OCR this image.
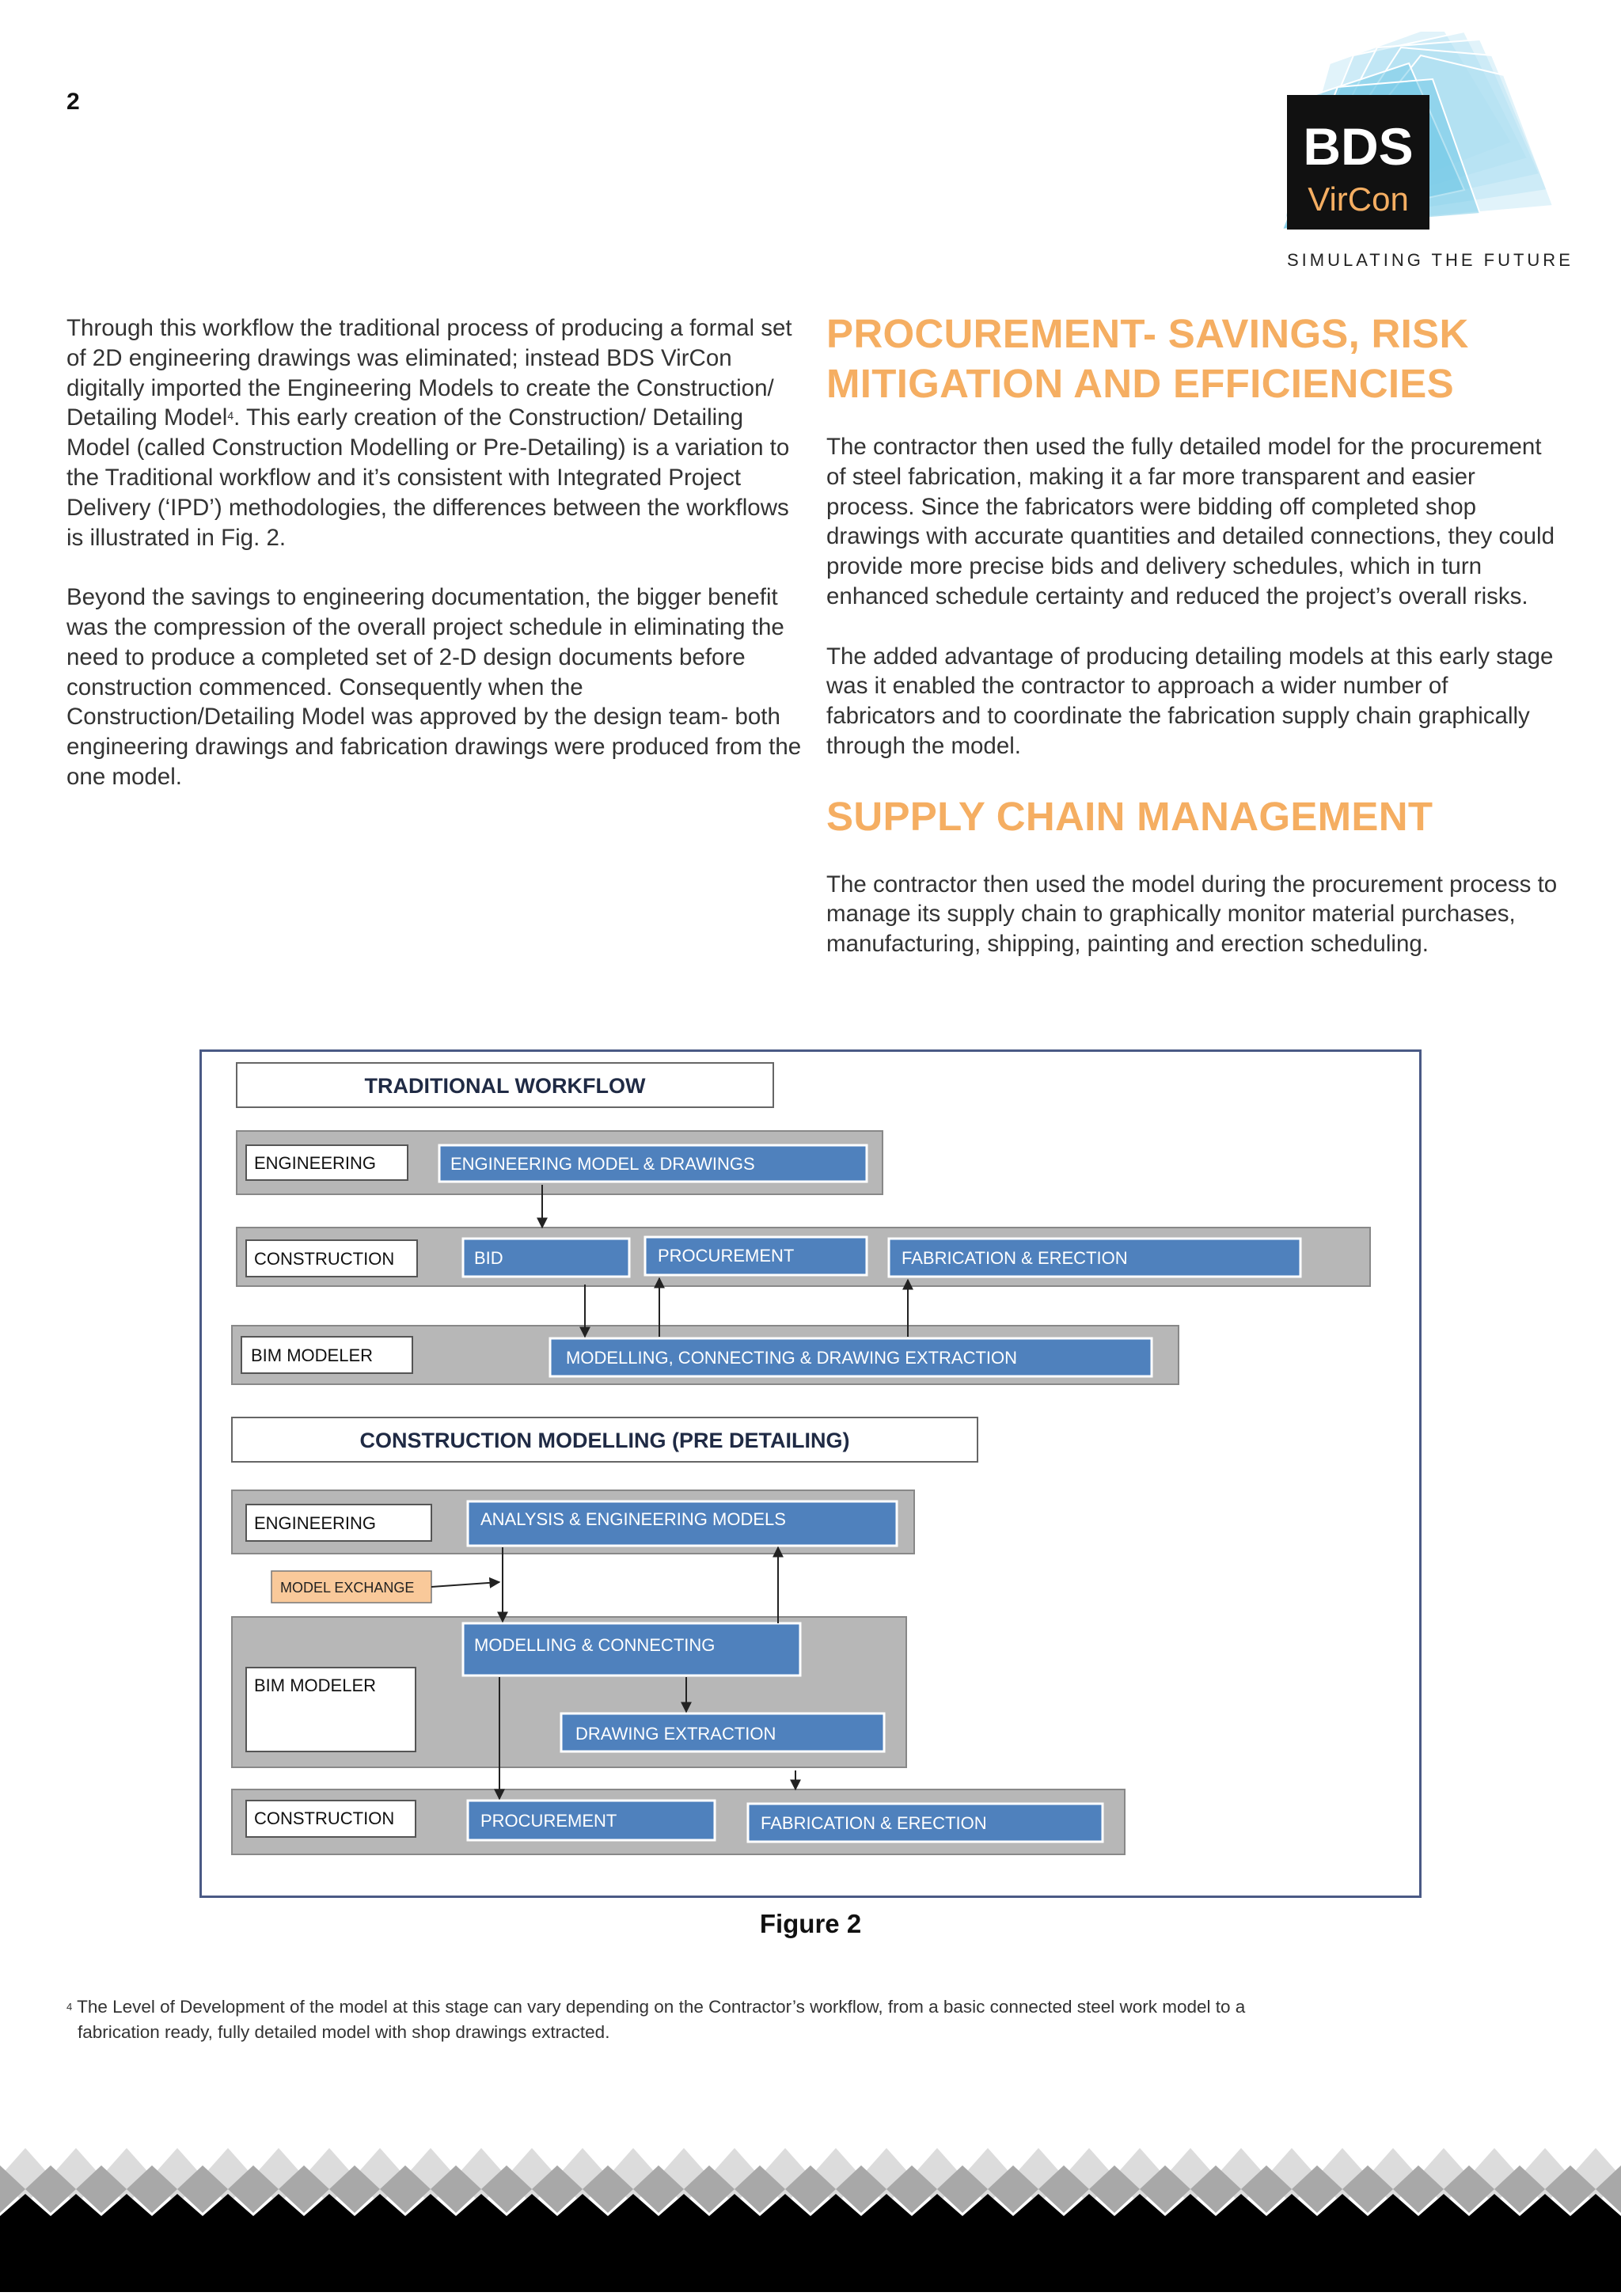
2
BDS
VirCon
SIMULATING THE FUTURE

Through this workflow the traditional process of producing a formal set of 2D engineering drawings was eliminated; instead BDS VirCon digitally imported the Engineering Models to create the Construction/ Detailing Model$^4$. This early creation of the Construction/ Detailing Model (called Construction Modelling or Pre-Detailing) is a variation to the Traditional workflow and it’s consistent with Integrated Project Delivery (‘IPD’) methodologies, the differences between the workflows is illustrated in Fig. 2.

Beyond the savings to engineering documentation, the bigger benefit was the compression of the overall project schedule in eliminating the need to produce a completed set of 2-D design documents before construction commenced. Consequently when the Construction/Detailing Model was approved by the design team- both engineering drawings and fabrication drawings were produced from the one model.

PROCUREMENT- SAVINGS, RISK
MITIGATION AND EFFICIENCIES

The contractor then used the fully detailed model for the procurement of steel fabrication, making it a far more transparent and easier process. Since the fabricators were bidding off completed shop drawings with accurate quantities and detailed connections, they could provide more precise bids and delivery schedules, which in turn enhanced schedule certainty and reduced the project’s overall risks.

The added advantage of producing detailing models at this early stage was it enabled the contractor to approach a wider number of fabricators and to coordinate the fabrication supply chain graphically through the model.

SUPPLY CHAIN MANAGEMENT

The contractor then used the model during the procurement process to manage its supply chain to graphically monitor material purchases, manufacturing, shipping, painting and erection scheduling.

TRADITIONAL WORKFLOW
ENGINEERING	ENGINEERING MODEL & DRAWINGS
CONSTRUCTION	BID	PROCUREMENT	FABRICATION & ERECTION
BIM MODELER	MODELLING, CONNECTING & DRAWING EXTRACTION
CONSTRUCTION MODELLING (PRE DETAILING)
ENGINEERING	ANALYSIS & ENGINEERING MODELS
MODEL EXCHANGE
BIM MODELER
MODELLING & CONNECTING
DRAWING EXTRACTION
CONSTRUCTION	PROCUREMENT	FABRICATION & ERECTION
Figure 2
$^4$ The Level of Development of the model at this stage can vary depending on the Contractor’s workflow, from a basic connected steel work model to a
fabrication ready, fully detailed model with shop drawings extracted.
